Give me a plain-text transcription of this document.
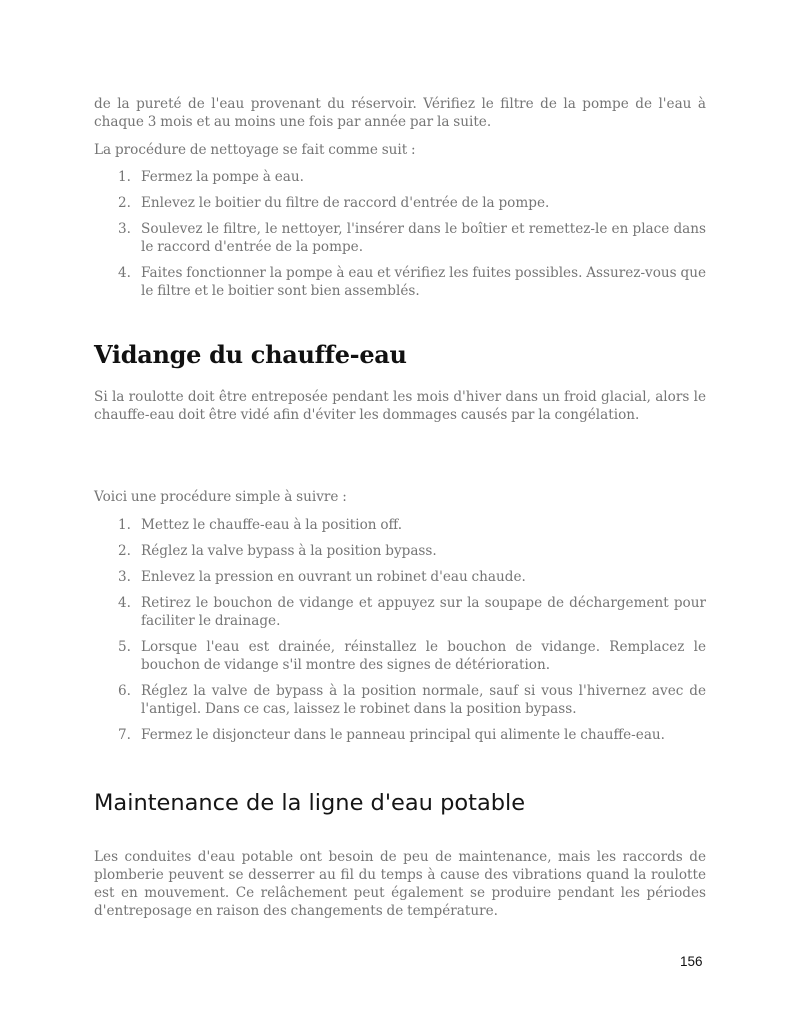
de la pureté de l'eau provenant du réservoir. Vérifiez le filtre de la pompe de l'eau à chaque 3 mois et au moins une fois par année par la suite.

La procédure de nettoyage se fait comme suit :

1. Fermez la pompe à eau.
2. Enlevez le boitier du filtre de raccord d'entrée de la pompe.
3. Soulevez le filtre, le nettoyer, l'insérer dans le boîtier et remettez-le en place dans le raccord d'entrée de la pompe.
4. Faites fonctionner la pompe à eau et vérifiez les fuites possibles. Assurez-vous que le filtre et le boitier sont bien assemblés.
Vidange du chauffe-eau

Si la roulotte doit être entreposée pendant les mois d'hiver dans un froid glacial, alors le chauffe-eau doit être vidé afin d'éviter les dommages causés par la congélation.

Voici une procédure simple à suivre :

1. Mettez le chauffe-eau à la position off.
2. Réglez la valve bypass à la position bypass.
3. Enlevez la pression en ouvrant un robinet d'eau chaude.
4. Retirez le bouchon de vidange et appuyez sur la soupape de déchargement pour faciliter le drainage.
5. Lorsque l'eau est drainée, réinstallez le bouchon de vidange. Remplacez le bouchon de vidange s'il montre des signes de détérioration.
6. Réglez la valve de bypass à la position normale, sauf si vous l'hivernez avec de l'antigel. Dans ce cas, laissez le robinet dans la position bypass.
7. Fermez le disjoncteur dans le panneau principal qui alimente le chauffe-eau.
Maintenance de la ligne d'eau potable

Les conduites d'eau potable ont besoin de peu de maintenance, mais les raccords de plomberie peuvent se desserrer au fil du temps à cause des vibrations quand la roulotte est en mouvement. Ce relâchement peut également se produire pendant les périodes d'entreposage en raison des changements de température.

156
